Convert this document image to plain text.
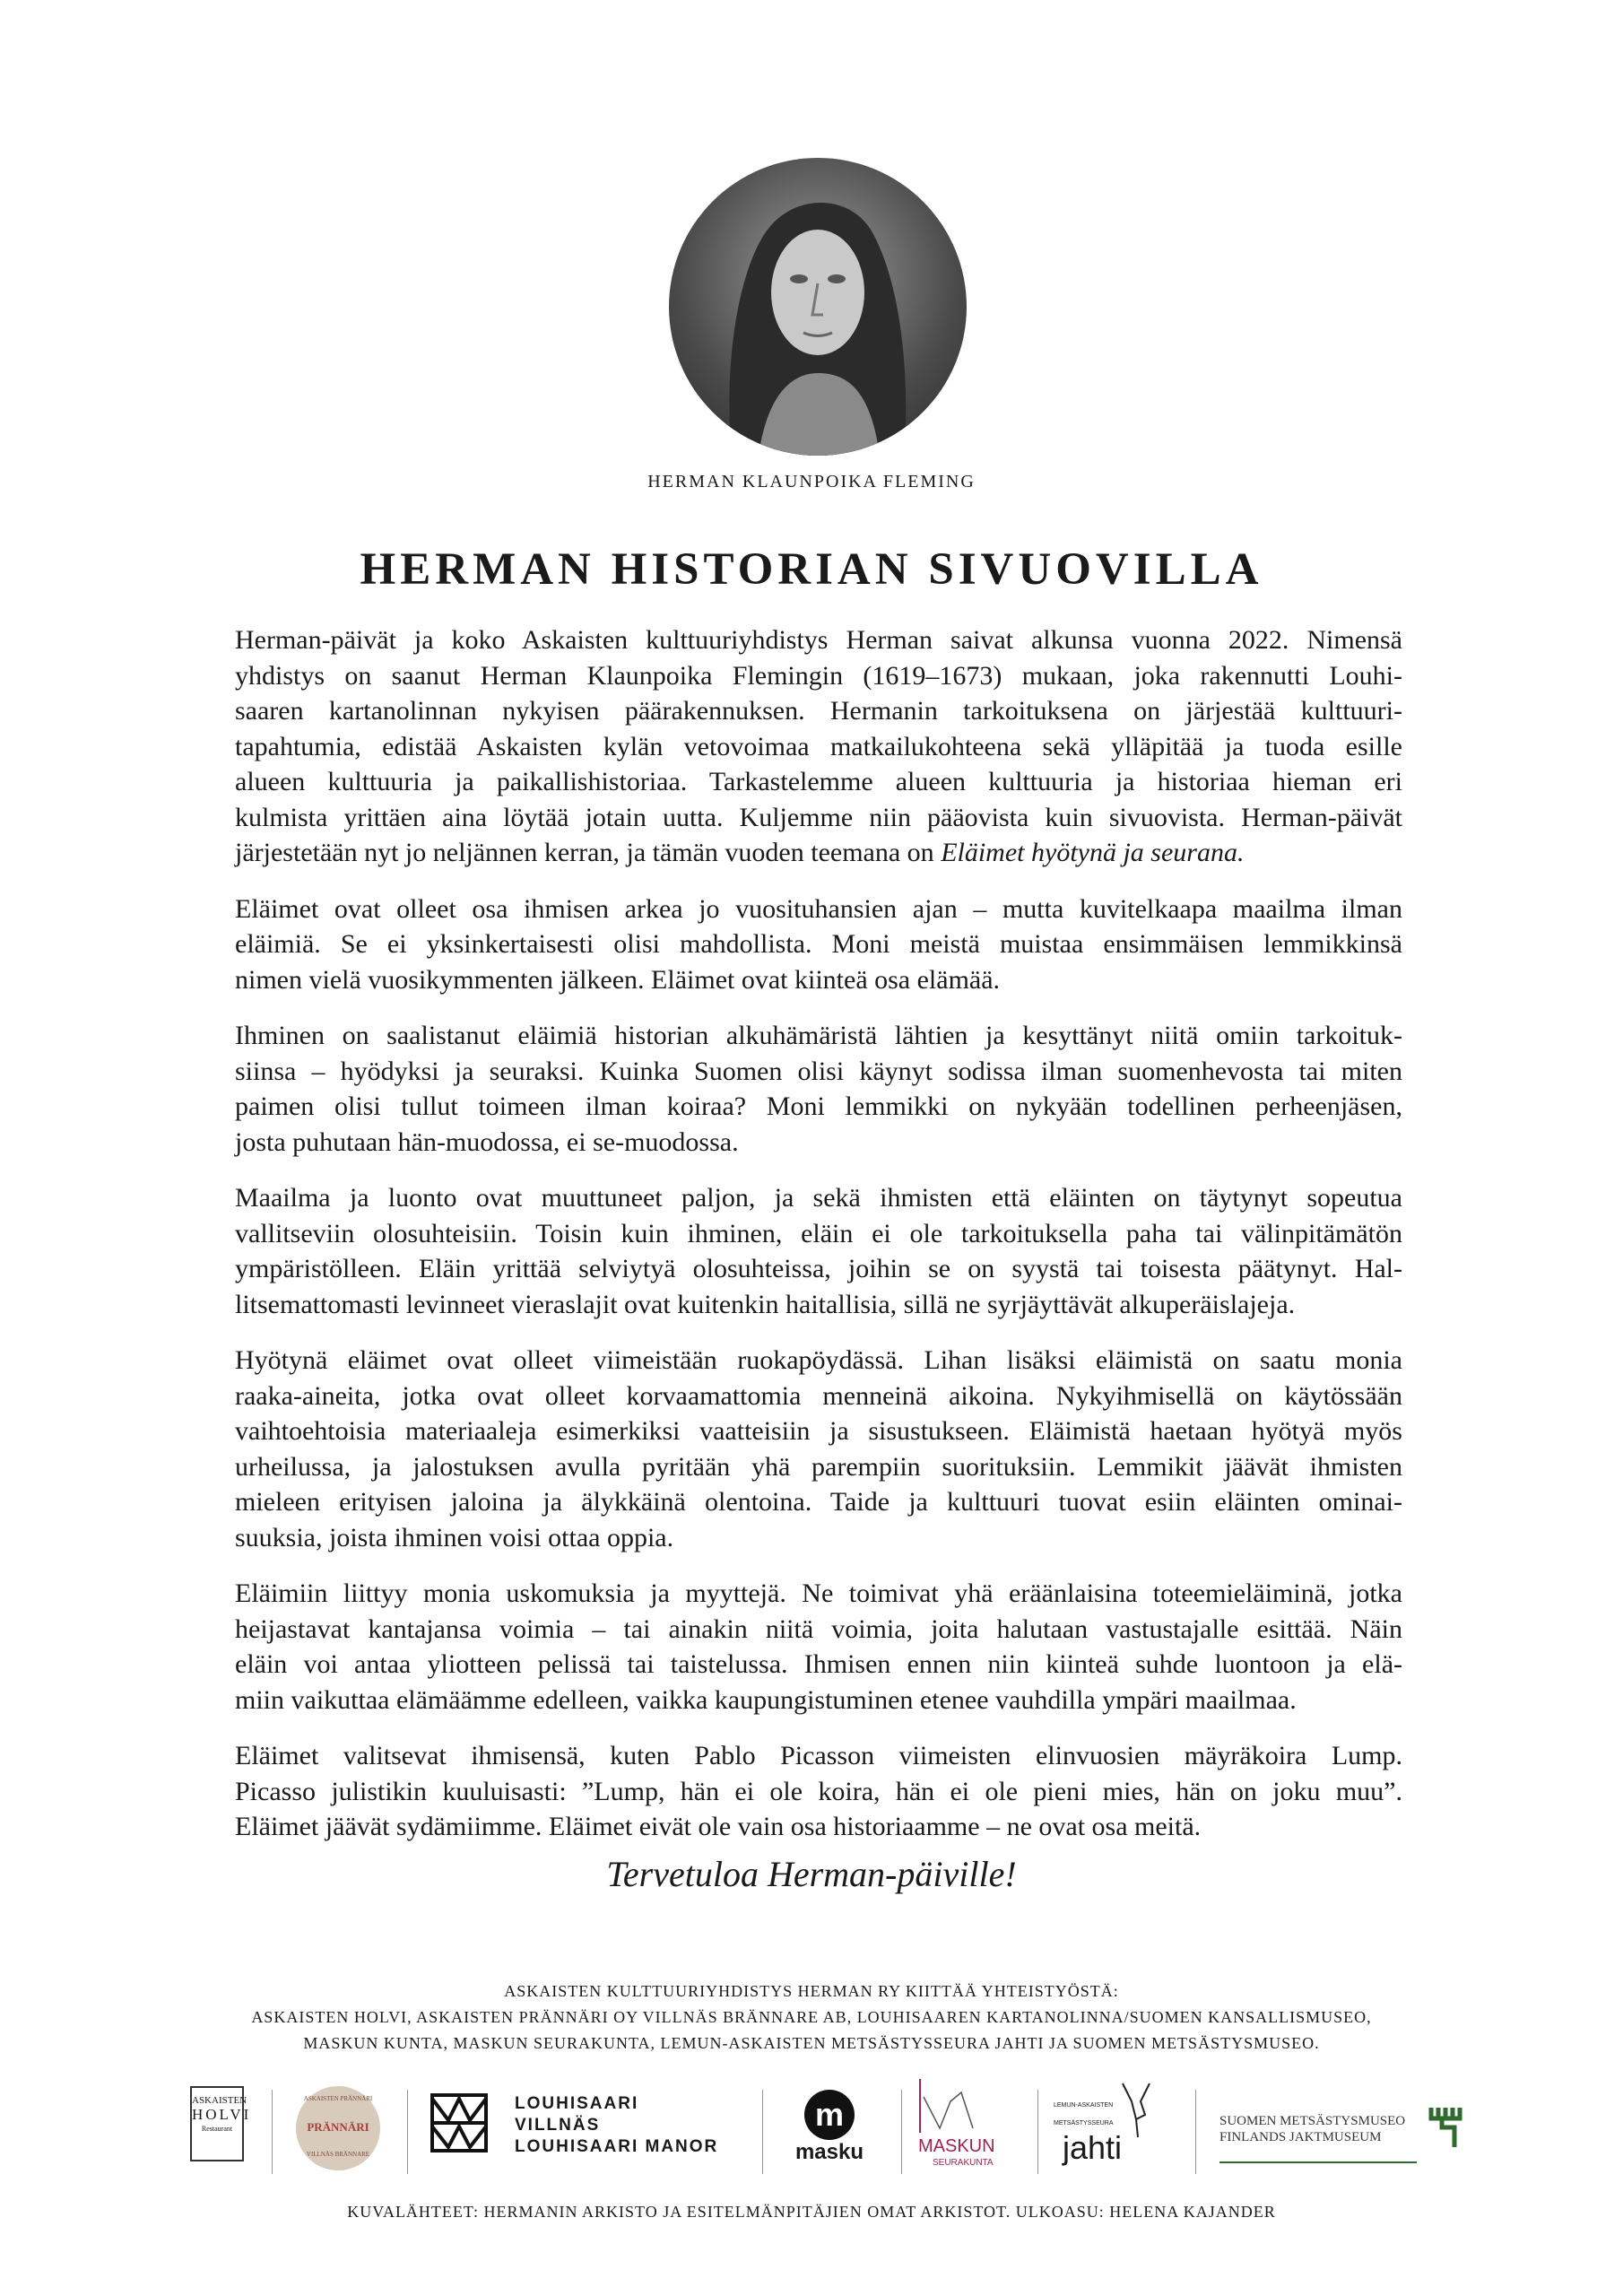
HERMAN KLAUNPOIKA FLEMING
HERMAN HISTORIAN SIVUOVILLA
Herman-päivät ja koko Askaisten kulttuuriyhdistys Herman saivat alkunsa vuonna 2022. Nimensä
yhdistys on saanut Herman Klaunpoika Flemingin (1619–1673) mukaan, joka rakennutti Louhi-
saaren kartanolinnan nykyisen päärakennuksen. Hermanin tarkoituksena on järjestää kulttuuri-
tapahtumia, edistää Askaisten kylän vetovoimaa matkailukohteena sekä ylläpitää ja tuoda esille
alueen kulttuuria ja paikallishistoriaa. Tarkastelemme alueen kulttuuria ja historiaa hieman eri
kulmista yrittäen aina löytää jotain uutta. Kuljemme niin pääovista kuin sivuovista. Herman-päivät
järjestetään nyt jo neljännen kerran, ja tämän vuoden teemana on Eläimet hyötynä ja seurana.
Eläimet ovat olleet osa ihmisen arkea jo vuosituhansien ajan – mutta kuvitelkaapa maailma ilman
eläimiä. Se ei yksinkertaisesti olisi mahdollista. Moni meistä muistaa ensimmäisen lemmikkinsä
nimen vielä vuosikymmenten jälkeen. Eläimet ovat kiinteä osa elämää.
Ihminen on saalistanut eläimiä historian alkuhämäristä lähtien ja kesyttänyt niitä omiin tarkoituk-
siinsa – hyödyksi ja seuraksi. Kuinka Suomen olisi käynyt sodissa ilman suomenhevosta tai miten
paimen olisi tullut toimeen ilman koiraa? Moni lemmikki on nykyään todellinen perheenjäsen,
josta puhutaan hän-muodossa, ei se-muodossa.
Maailma ja luonto ovat muuttuneet paljon, ja sekä ihmisten että eläinten on täytynyt sopeutua
vallitseviin olosuhteisiin. Toisin kuin ihminen, eläin ei ole tarkoituksella paha tai välinpitämätön
ympäristölleen. Eläin yrittää selviytyä olosuhteissa, joihin se on syystä tai toisesta päätynyt. Hal-
litsemattomasti levinneet vieraslajit ovat kuitenkin haitallisia, sillä ne syrjäyttävät alkuperäislajeja.
Hyötynä eläimet ovat olleet viimeistään ruokapöydässä. Lihan lisäksi eläimistä on saatu monia
raaka-aineita, jotka ovat olleet korvaamattomia menneinä aikoina. Nykyihmisellä on käytössään
vaihtoehtoisia materiaaleja esimerkiksi vaatteisiin ja sisustukseen. Eläimistä haetaan hyötyä myös
urheilussa, ja jalostuksen avulla pyritään yhä parempiin suorituksiin. Lemmikit jäävät ihmisten
mieleen erityisen jaloina ja älykkäinä olentoina. Taide ja kulttuuri tuovat esiin eläinten ominai-
suuksia, joista ihminen voisi ottaa oppia.
Eläimiin liittyy monia uskomuksia ja myyttejä. Ne toimivat yhä eräänlaisina toteemieläiminä, jotka
heijastavat kantajansa voimia – tai ainakin niitä voimia, joita halutaan vastustajalle esittää. Näin
eläin voi antaa yliotteen pelissä tai taistelussa. Ihmisen ennen niin kiinteä suhde luontoon ja elä-
miin vaikuttaa elämäämme edelleen, vaikka kaupungistuminen etenee vauhdilla ympäri maailmaa.
Eläimet valitsevat ihmisensä, kuten Pablo Picasson viimeisten elinvuosien mäyräkoira Lump.
Picasso julistikin kuuluisasti: ”Lump, hän ei ole koira, hän ei ole pieni mies, hän on joku muu”.
Eläimet jäävät sydämiimme. Eläimet eivät ole vain osa historiaamme – ne ovat osa meitä.
Tervetuloa Herman-päiville!
ASKAISTEN KULTTUURIYHDISTYS HERMAN RY KIITTÄÄ YHTEISTYÖSTÄ:
ASKAISTEN HOLVI, ASKAISTEN PRÄNNÄRI OY VILLNÄS BRÄNNARE AB, LOUHISAAREN KARTANOLINNA/SUOMEN KANSALLISMUSEO,
MASKUN KUNTA, MASKUN SEURAKUNTA, LEMUN-ASKAISTEN METSÄSTYSSEURA JAHTI JA SUOMEN METSÄSTYSMUSEO.
ASKAISTEN
HOLVI
Restaurant
ASKAISTEN PRÄNNÄRI
PRÄNNÄRI
VILLNÄS BRÄNNARE
LOUHISAARI
VILLNÄS
LOUHISAARI MANOR
m
masku	MASKUN
SEURAKUNTA
LEMUN-ASKAISTEN
METSÄSTYSSEURA
jahti
SUOMEN METSÄSTYSMUSEO
FINLANDS JAKTMUSEUM
KUVALÄHTEET: HERMANIN ARKISTO JA ESITELMÄNPITÄJIEN OMAT ARKISTOT. ULKOASU: HELENA KAJANDER
